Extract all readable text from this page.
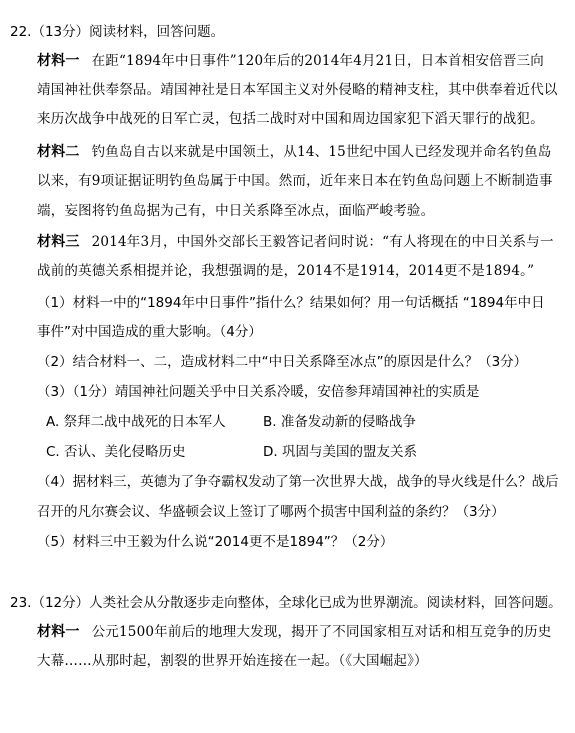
22.（13分）阅读材料，回答问题。
材料一 在距“1894年中日事件”120年后的2014年4月21日，日本首相安倍晋三向
靖国神社供奉祭品。靖国神社是日本军国主义对外侵略的精神支柱，其中供奉着近代以
来历次战争中战死的日军亡灵，包括二战时对中国和周边国家犯下滔天罪行的战犯。
材料二 钓鱼岛自古以来就是中国领土，从14、15世纪中国人已经发现并命名钓鱼岛
以来，有9项证据证明钓鱼岛属于中国。然而，近年来日本在钓鱼岛问题上不断制造事
端，妄图将钓鱼岛据为己有，中日关系降至冰点，面临严峻考验。
材料三 2014年3月，中国外交部长王毅答记者问时说：“有人将现在的中日关系与一
战前的英德关系相提并论，我想强调的是，2014不是1914，2014更不是1894。”
（1）材料一中的“1894年中日事件”指什么？结果如何？用一句话概括 “1894年中日
事件”对中国造成的重大影响。（4分）
（2）结合材料一、二，造成材料二中“中日关系降至冰点”的原因是什么？（3分）
（3）（1分）靖国神社问题关乎中日关系冷暖，安倍参拜靖国神社的实质是
A. 祭拜二战中战死的日本军人	B. 准备发动新的侵略战争
C. 否认、美化侵略历史	D. 巩固与美国的盟友关系
（4）据材料三，英德为了争夺霸权发动了第一次世界大战，战争的导火线是什么？战后
召开的凡尔赛会议、华盛顿会议上签订了哪两个损害中国利益的条约？（3分）
（5）材料三中王毅为什么说“2014更不是1894”？（2分）
23.（12分）人类社会从分散逐步走向整体，全球化已成为世界潮流。阅读材料，回答问题。
材料一 公元1500年前后的地理大发现，揭开了不同国家相互对话和相互竞争的历史
大幕……从那时起，割裂的世界开始连接在一起。（《大国崛起》）
